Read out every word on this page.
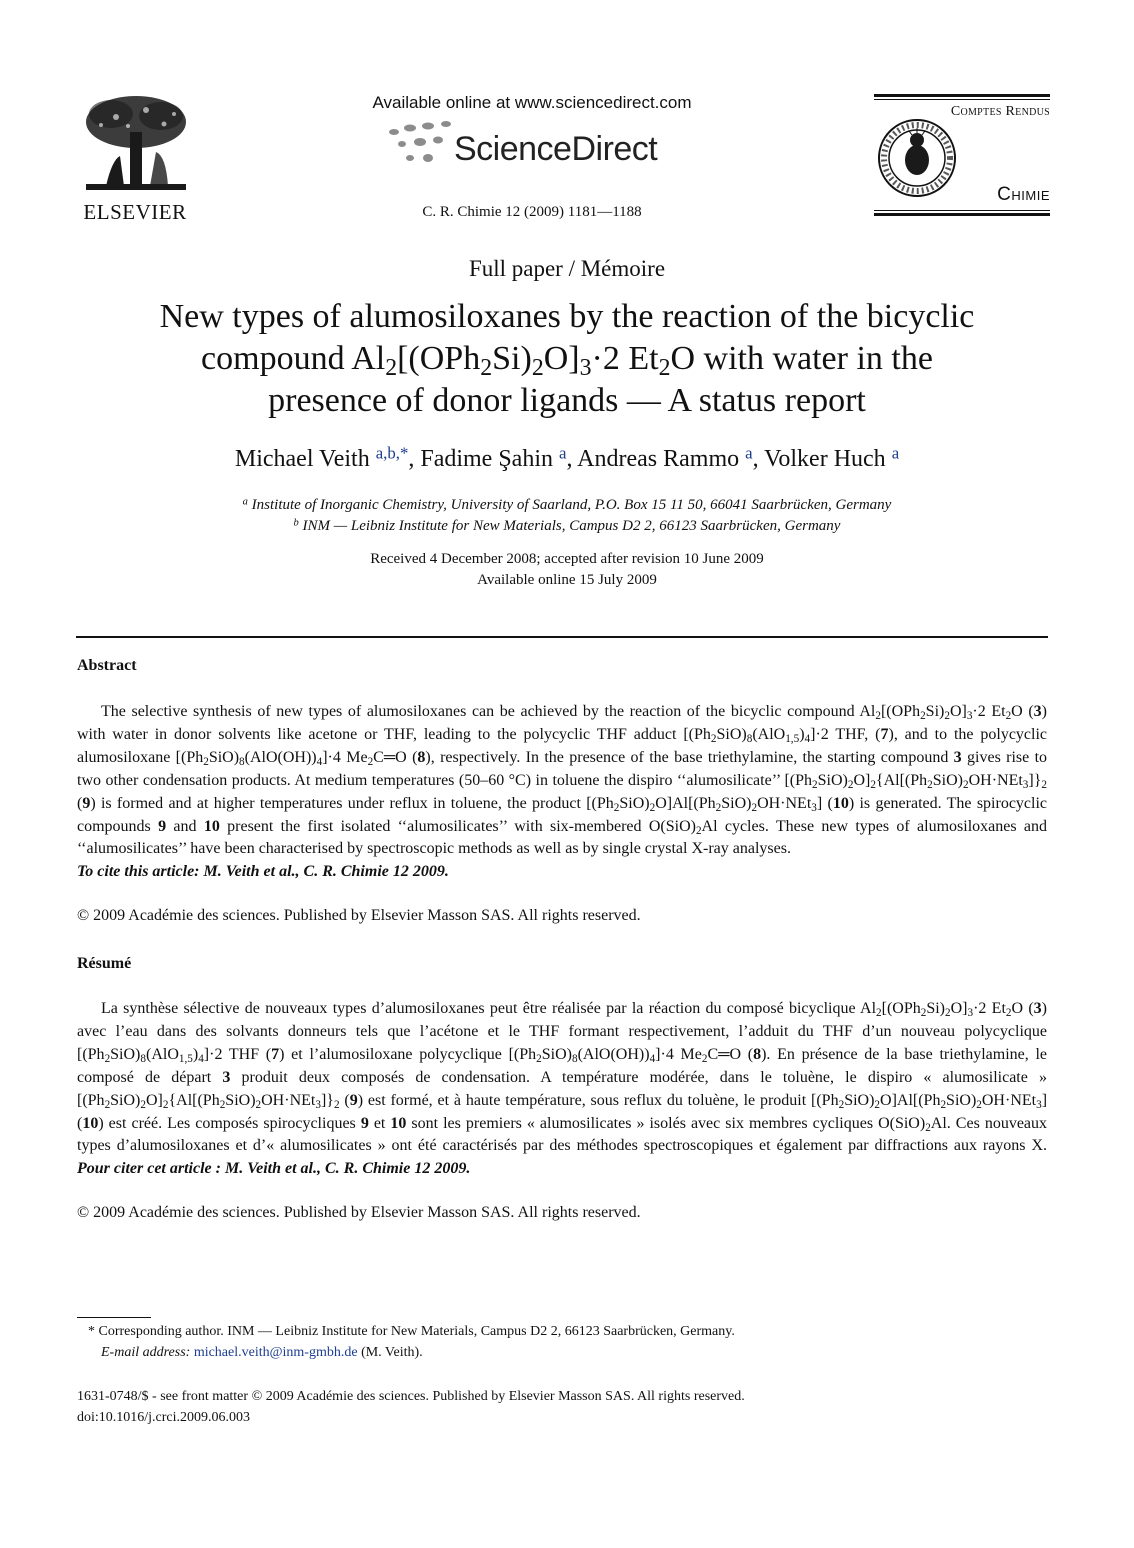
ELSEVIER
Available online at www.sciencedirect.com
ScienceDirect
C. R. Chimie 12 (2009) 1181—1188
Comptes Rendus
Chimie
Full paper / Mémoire
New types of alumosiloxanes by the reaction of the bicyclic
compound $Al_2[(OPh_2Si)_2O]_3\cdot 2$ $Et_2O$ with water in the
presence of donor ligands — A status report
Michael Veith $^{a,b,*}$, Fadime Şahin $^a$, Andreas Rammo $^a$, Volker Huch $^a$
$^a$ Institute of Inorganic Chemistry, University of Saarland, P.O. Box 15 11 50, 66041 Saarbrücken, Germany
$^b$ INM — Leibniz Institute for New Materials, Campus D2 2, 66123 Saarbrücken, Germany
Received 4 December 2008; accepted after revision 10 June 2009
Available online 15 July 2009
Abstract
The selective synthesis of new types of alumosiloxanes can be achieved by the reaction of the bicyclic compound $Al_2[(OPh_2Si)_2O]_3\cdot 2$ $Et_2O$ (3) with water in donor solvents like acetone or THF, leading to the polycyclic THF adduct $[(Ph_2SiO)_8(AlO_{1,5})_4]\cdot 2$ THF, (7), and to the polycyclic alumosiloxane $[(Ph_2SiO)_8(AlO(OH))_4]\cdot 4$ $Me_2C═O$ (8), respectively. In the presence of the base triethylamine, the starting compound 3 gives rise to two other condensation products. At medium temperatures (50–60 °C) in toluene the dispiro ‘‘alumosilicate’’ $[(Ph_2SiO)_2O]_2\{Al[(Ph_2SiO)_2OH\cdot NEt_3]\}_2$ (9) is formed and at higher temperatures under reflux in toluene, the product $[(Ph_2SiO)_2O]Al[(Ph_2SiO)_2OH\cdot NEt_3]$ (10) is generated. The spirocyclic compounds 9 and 10 present the first isolated ‘‘alumosilicates’’ with six-membered $O(SiO)_2Al$ cycles. These new types of alumosiloxanes and ‘‘alumosilicates’’ have been characterised by spectroscopic methods as well as by single crystal X-ray analyses.
To cite this article: M. Veith et al., C. R. Chimie 12 2009.
© 2009 Académie des sciences. Published by Elsevier Masson SAS. All rights reserved.
Résumé
La synthèse sélective de nouveaux types d’alumosiloxanes peut être réalisée par la réaction du composé bicyclique $Al_2[(OPh_2Si)_2O]_3\cdot 2$ $Et_2O$ (3) avec l’eau dans des solvants donneurs tels que l’acétone et le THF formant respectivement, l’adduit du THF d’un nouveau polycyclique $[(Ph_2SiO)_8(AlO_{1,5})_4]\cdot 2$ THF (7) et l’alumosiloxane polycyclique $[(Ph_2SiO)_8(AlO(OH))_4]\cdot 4$ $Me_2C═O$ (8). En présence de la base triethylamine, le composé de départ 3 produit deux composés de condensation. A température modérée, dans le toluène, le dispiro « alumosilicate » $[(Ph_2SiO)_2O]_2\{Al[(Ph_2SiO)_2OH\cdot NEt_3]\}_2$ (9) est formé, et à haute température, sous reflux du toluène, le produit $[(Ph_2SiO)_2O]Al[(Ph_2SiO)_2OH\cdot NEt_3]$ (10) est créé. Les composés spirocycliques 9 et 10 sont les premiers « alumosilicates » isolés avec six membres cycliques $O(SiO)_2Al$. Ces nouveaux types d’alumosiloxanes et d’« alumosilicates » ont été caractérisés par des méthodes spectroscopiques et également par diffractions aux rayons X. Pour citer cet article : M. Veith et al., C. R. Chimie 12 2009.
© 2009 Académie des sciences. Published by Elsevier Masson SAS. All rights reserved.
* Corresponding author. INM — Leibniz Institute for New Materials, Campus D2 2, 66123 Saarbrücken, Germany.
E-mail address: michael.veith@inm-gmbh.de (M. Veith).
1631-0748/$ - see front matter © 2009 Académie des sciences. Published by Elsevier Masson SAS. All rights reserved.
doi:10.1016/j.crci.2009.06.003
